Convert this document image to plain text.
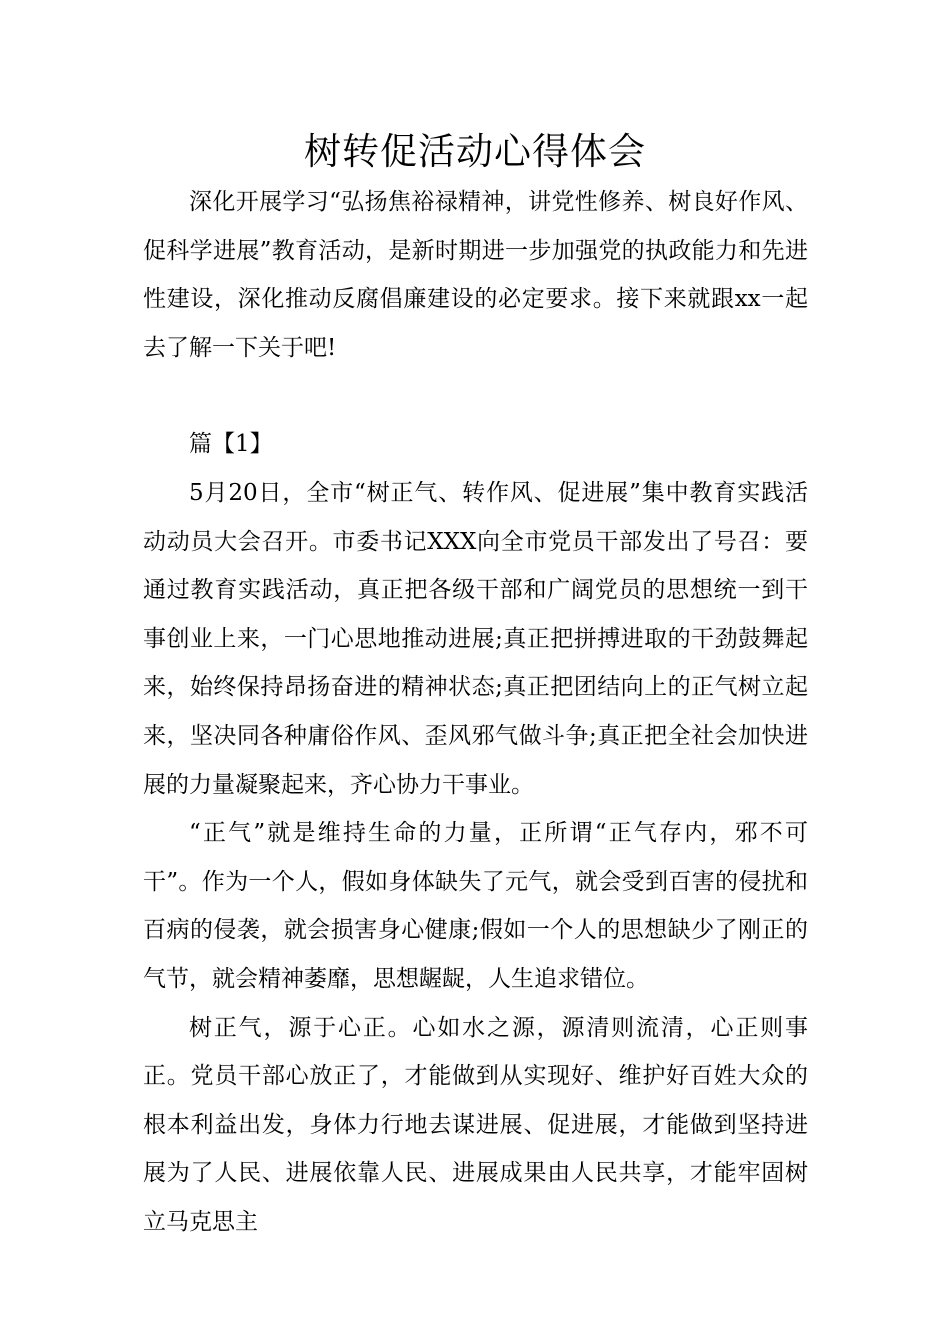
树转促活动心得体会

深化开展学习“弘扬焦裕禄精神，讲党性修养、树良好作风、促科学进展”教育活动，是新时期进一步加强党的执政能力和先进性建设，深化推动反腐倡廉建设的必定要求。接下来就跟xx一起去了解一下关于吧!

篇【1】

5月20日，全市“树正气、转作风、促进展”集中教育实践活动动员大会召开。市委书记XXX向全市党员干部发出了号召：要通过教育实践活动，真正把各级干部和广阔党员的思想统一到干事创业上来，一门心思地推动进展;真正把拼搏进取的干劲鼓舞起来，始终保持昂扬奋进的精神状态;真正把团结向上的正气树立起来，坚决同各种庸俗作风、歪风邪气做斗争;真正把全社会加快进展的力量凝聚起来，齐心协力干事业。

“正气”就是维持生命的力量，正所谓“正气存内，邪不可干”。作为一个人，假如身体缺失了元气，就会受到百害的侵扰和百病的侵袭，就会损害身心健康;假如一个人的思想缺少了刚正的气节，就会精神萎靡，思想龌龊，人生追求错位。

树正气，源于心正。心如水之源，源清则流清，心正则事正。党员干部心放正了，才能做到从实现好、维护好百姓大众的根本利益出发，身体力行地去谋进展、促进展，才能做到坚持进展为了人民、进展依靠人民、进展成果由人民共享，才能牢固树立马克思主
